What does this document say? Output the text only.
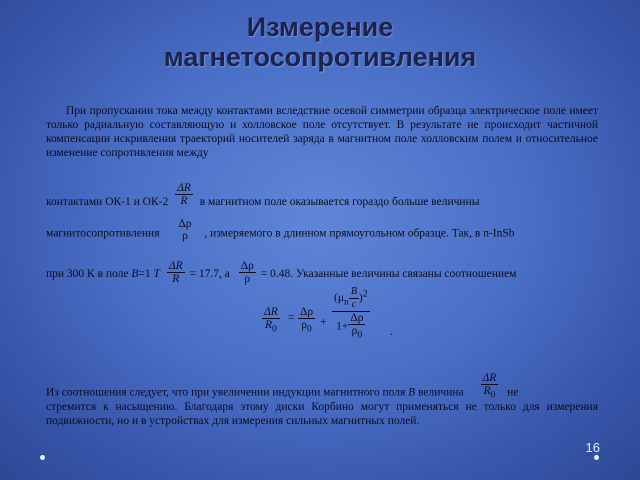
Измерение
магнетосопротивления
При пропускании тока между контактами вследствие осевой симметрии образца электрическое поле имеет только радиальную составляющую и холловское поле отсутствует. В результате не происходит частичной компенсации искривления траекторий носителей заряда в магнитном поле холловским полем и относительное изменение сопротивления между
контактами ОК-1 и $ОК-2 \frac{\Delta R}{R}$ в магнитном поле оказывается гораздо больше величины
магнитосопротивления
Δρ
ρ , измеряемого в длинном прямоугольном образце. Так, в n-InSb
при 300 К в поле B=1 Т $\frac{\Delta R}{R} = 17.7$, а $\frac{\Delta\rho}{\rho} = 0.48$. Указанные величины связаны соотношением
$\frac{\Delta R}{R_0} = \frac{\Delta\rho}{\rho_0}$ +
$(\mu_n \frac{B}{c} )^2$
$1+ \frac{\Delta\rho}{\rho_0}$ .
Из соотношения следует, что при увеличении индукции магнитного поля B величина $\frac{\Delta R}{R_0}$ не
стремится к насыщению. Благодаря этому диски Корбино могут применяться не только для измерения подвижности, но и в устройствах для измерения сильных магнитных полей.
16
